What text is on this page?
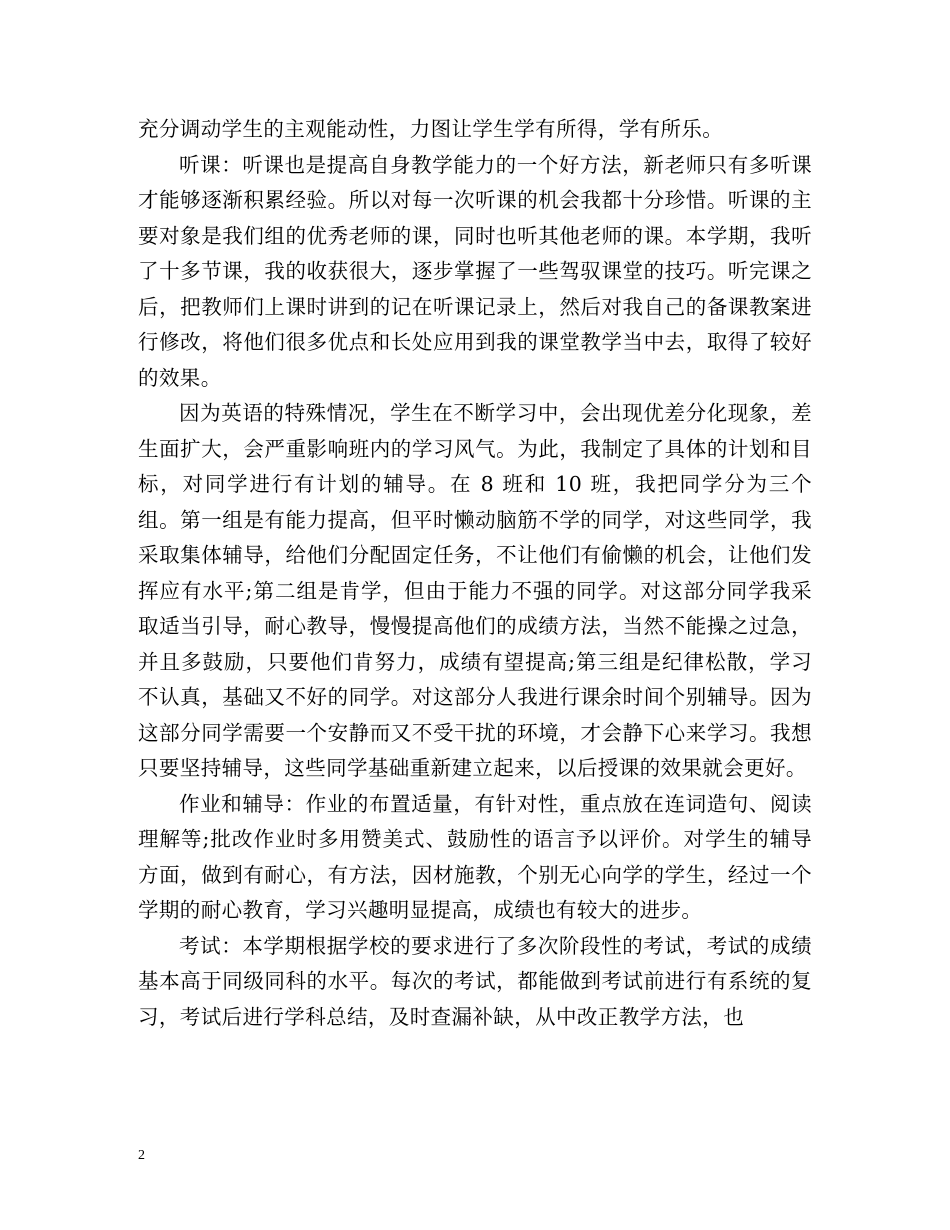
充分调动学生的主观能动性，力图让学生学有所得，学有所乐。

听课：听课也是提高自身教学能力的一个好方法，新老师只有多听课才能够逐渐积累经验。所以对每一次听课的机会我都十分珍惜。听课的主要对象是我们组的优秀老师的课，同时也听其他老师的课。本学期，我听了十多节课，我的收获很大，逐步掌握了一些驾驭课堂的技巧。听完课之后，把教师们上课时讲到的记在听课记录上，然后对我自己的备课教案进行修改，将他们很多优点和长处应用到我的课堂教学当中去，取得了较好的效果。

因为英语的特殊情况，学生在不断学习中，会出现优差分化现象，差生面扩大，会严重影响班内的学习风气。为此，我制定了具体的计划和目标，对同学进行有计划的辅导。在 8 班和 10 班，我把同学分为三个组。第一组是有能力提高，但平时懒动脑筋不学的同学，对这些同学，我采取集体辅导，给他们分配固定任务，不让他们有偷懒的机会，让他们发挥应有水平;第二组是肯学，但由于能力不强的同学。对这部分同学我采取适当引导，耐心教导，慢慢提高他们的成绩方法，当然不能操之过急，并且多鼓励，只要他们肯努力，成绩有望提高;第三组是纪律松散，学习不认真，基础又不好的同学。对这部分人我进行课余时间个别辅导。因为这部分同学需要一个安静而又不受干扰的环境，才会静下心来学习。我想只要坚持辅导，这些同学基础重新建立起来，以后授课的效果就会更好。

作业和辅导：作业的布置适量，有针对性，重点放在连词造句、阅读理解等;批改作业时多用赞美式、鼓励性的语言予以评价。对学生的辅导方面，做到有耐心，有方法，因材施教，个别无心向学的学生，经过一个学期的耐心教育，学习兴趣明显提高，成绩也有较大的进步。

考试：本学期根据学校的要求进行了多次阶段性的考试，考试的成绩基本高于同级同科的水平。每次的考试，都能做到考试前进行有系统的复习，考试后进行学科总结，及时查漏补缺，从中改正教学方法，也

2
